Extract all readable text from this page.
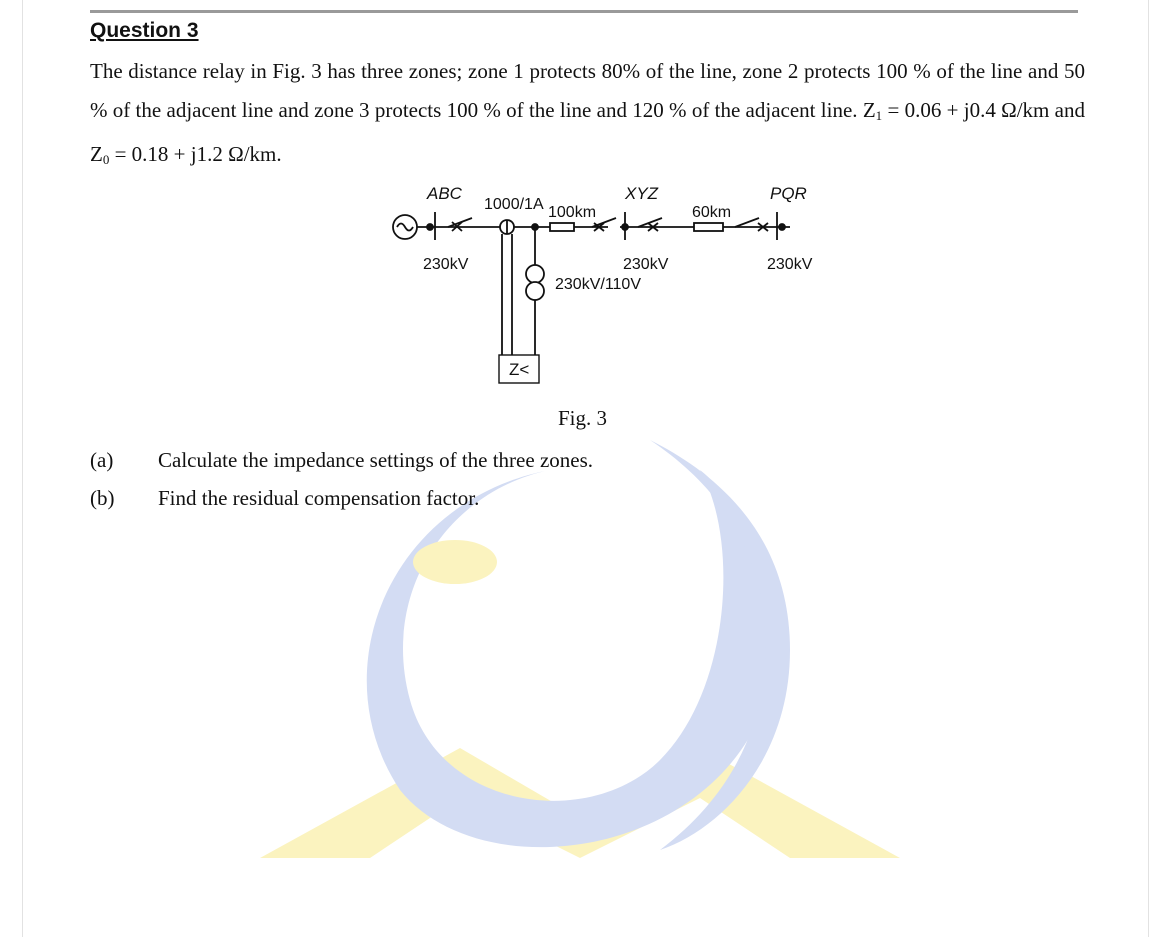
Question 3
The distance relay in Fig. 3 has three zones; zone 1 protects 80% of the line, zone 2 protects 100 % of the line and 50 % of the adjacent line and zone 3 protects 100 % of the line and 120 % of the adjacent line. $Z_1 = 0.06 + j0.4$ Ω/km and $Z_0 = 0.18 + j1.2$ Ω/km.
ABC
1000/1A 100km
XYZ
60km
PQR
230kV	230kV	230kV
230kV/110V
Z<
Fig. 3
(a) Calculate the impedance settings of the three zones.
(b) Find the residual compensation factor.
